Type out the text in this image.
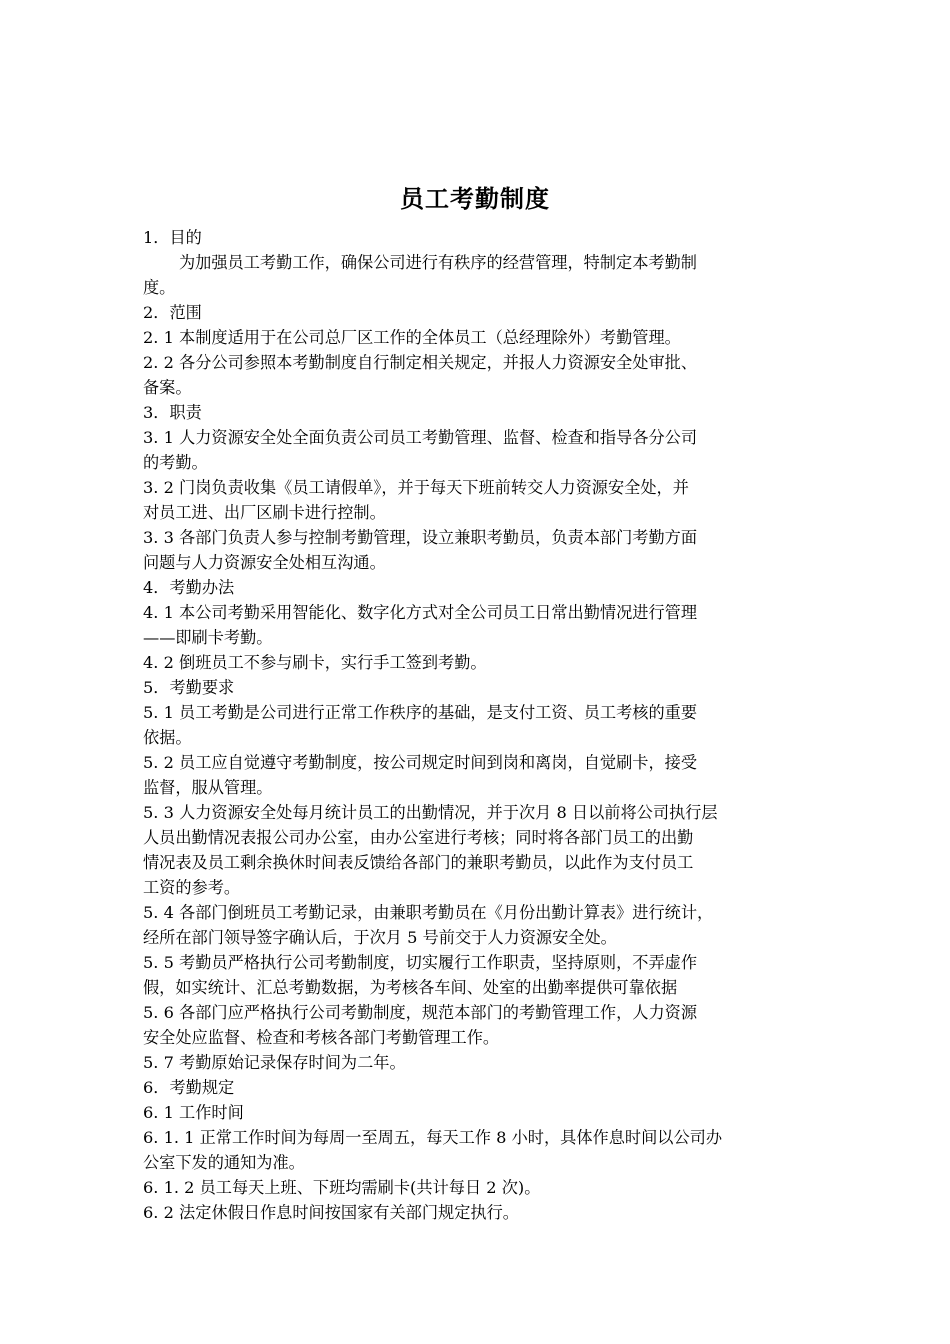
员工考勤制度
1．目的
为加强员工考勤工作，确保公司进行有秩序的经营管理，特制定本考勤制
度。
2．范围
2. 1 本制度适用于在公司总厂区工作的全体员工（总经理除外）考勤管理。
2. 2 各分公司参照本考勤制度自行制定相关规定，并报人力资源安全处审批、
备案。
3．职责
3. 1 人力资源安全处全面负责公司员工考勤管理、监督、检查和指导各分公司
的考勤。
3. 2 门岗负责收集《员工请假单》，并于每天下班前转交人力资源安全处，并
对员工进、出厂区刷卡进行控制。
3. 3 各部门负责人参与控制考勤管理，设立兼职考勤员，负责本部门考勤方面
问题与人力资源安全处相互沟通。
4．考勤办法
4. 1 本公司考勤采用智能化、数字化方式对全公司员工日常出勤情况进行管理
——即刷卡考勤。
4. 2 倒班员工不参与刷卡，实行手工签到考勤。
5．考勤要求
5. 1 员工考勤是公司进行正常工作秩序的基础，是支付工资、员工考核的重要
依据。
5. 2 员工应自觉遵守考勤制度，按公司规定时间到岗和离岗，自觉刷卡，接受
监督，服从管理。
5. 3 人力资源安全处每月统计员工的出勤情况，并于次月 8 日以前将公司执行层
人员出勤情况表报公司办公室，由办公室进行考核；同时将各部门员工的出勤
情况表及员工剩余换休时间表反馈给各部门的兼职考勤员，以此作为支付员工
工资的参考。
5. 4 各部门倒班员工考勤记录，由兼职考勤员在《月份出勤计算表》进行统计，
经所在部门领导签字确认后，于次月 5 号前交于人力资源安全处。
5. 5 考勤员严格执行公司考勤制度，切实履行工作职责，坚持原则，不弄虚作
假，如实统计、汇总考勤数据，为考核各车间、处室的出勤率提供可靠依据
5. 6 各部门应严格执行公司考勤制度，规范本部门的考勤管理工作，人力资源
安全处应监督、检查和考核各部门考勤管理工作。
5. 7 考勤原始记录保存时间为二年。
6．考勤规定
6. 1 工作时间
6. 1. 1 正常工作时间为每周一至周五，每天工作 8 小时，具体作息时间以公司办
公室下发的通知为准。
6. 1. 2 员工每天上班、下班均需刷卡(共计每日 2 次)。
6. 2 法定休假日作息时间按国家有关部门规定执行。
